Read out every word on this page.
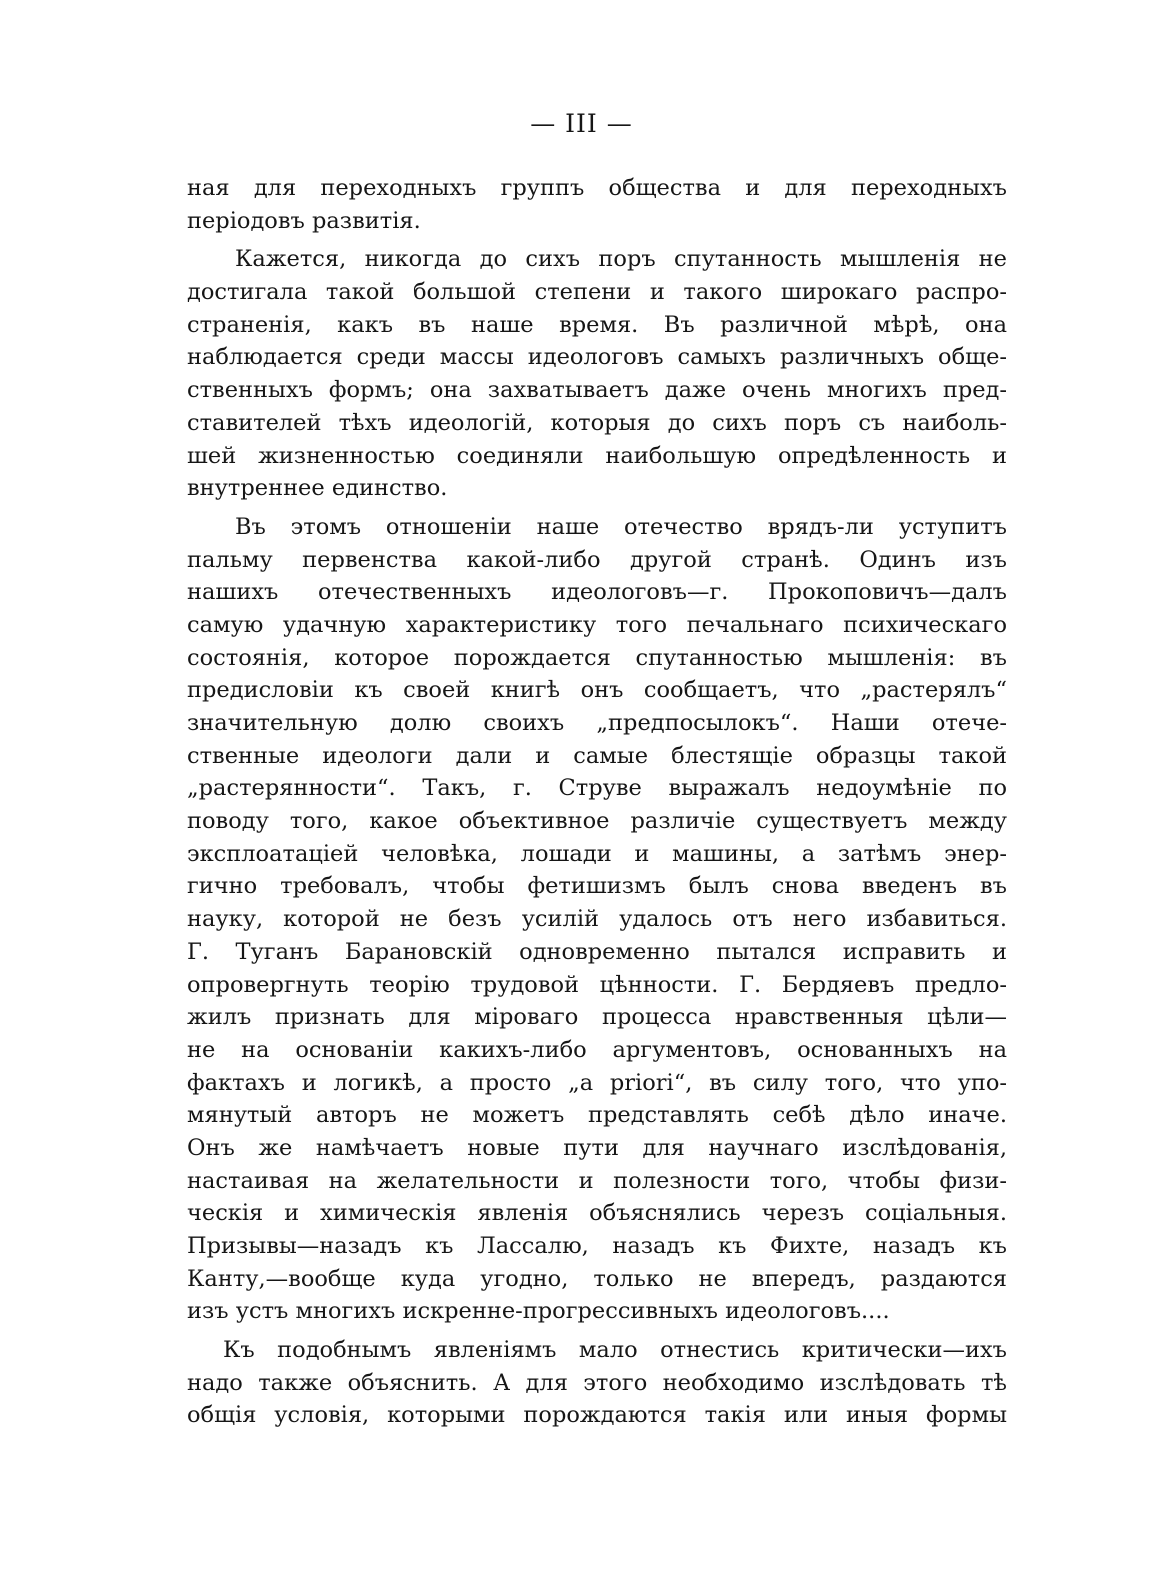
— III —
ная для переходныхъ группъ общества и для переходныхъ
періодовъ развитія.
Кажется, никогда до сихъ поръ спутанность мышленія не
достигала такой большой степени и такого широкаго распро-
страненія, какъ въ наше время. Въ различной мѣрѣ, она
наблюдается среди массы идеологовъ самыхъ различныхъ обще-
ственныхъ формъ; она захватываетъ даже очень многихъ пред-
ставителей тѣхъ идеологій, которыя до сихъ поръ съ наиболь-
шей жизненностью соединяли наибольшую опредѣленность и
внутреннее единство.
Въ этомъ отношеніи наше отечество врядъ-ли уступитъ
пальму первенства какой-либо другой странѣ. Одинъ изъ
нашихъ отечественныхъ идеологовъ—г. Прокоповичъ—далъ
самую удачную характеристику того печальнаго психическаго
состоянія, которое порождается спутанностью мышленія: въ
предисловіи къ своей книгѣ онъ сообщаетъ, что „растерялъ“
значительную долю своихъ „предпосылокъ“. Наши отече-
ственные идеологи дали и самые блестящіе образцы такой
„растерянности“. Такъ, г. Струве выражалъ недоумѣніе по
поводу того, какое объективное различіе существуетъ между
эксплоатаціей человѣка, лошади и машины, а затѣмъ энер-
гично требовалъ, чтобы фетишизмъ былъ снова введенъ въ
науку, которой не безъ усилій удалось отъ него избавиться.
Г. Туганъ Барановскій одновременно пытался исправить и
опровергнуть теорію трудовой цѣнности. Г. Бердяевъ предло-
жилъ признать для міроваго процесса нравственныя цѣли—
не на основаніи какихъ-либо аргументовъ, основанныхъ на
фактахъ и логикѣ, а просто „a priori“, въ силу того, что упо-
мянутый авторъ не можетъ представлять себѣ дѣло иначе.
Онъ же намѣчаетъ новые пути для научнаго изслѣдованія,
настаивая на желательности и полезности того, чтобы физи-
ческія и химическія явленія объяснялись черезъ соціальныя.
Призывы—назадъ къ Лассалю, назадъ къ Фихте, назадъ къ
Канту,—вообще куда угодно, только не впередъ, раздаются
изъ устъ многихъ искренне-прогрессивныхъ идеологовъ....
Къ подобнымъ явленіямъ мало отнестись критически—ихъ
надо также объяснить. А для этого необходимо изслѣдовать тѣ
общія условія, которыми порождаются такія или иныя формы
